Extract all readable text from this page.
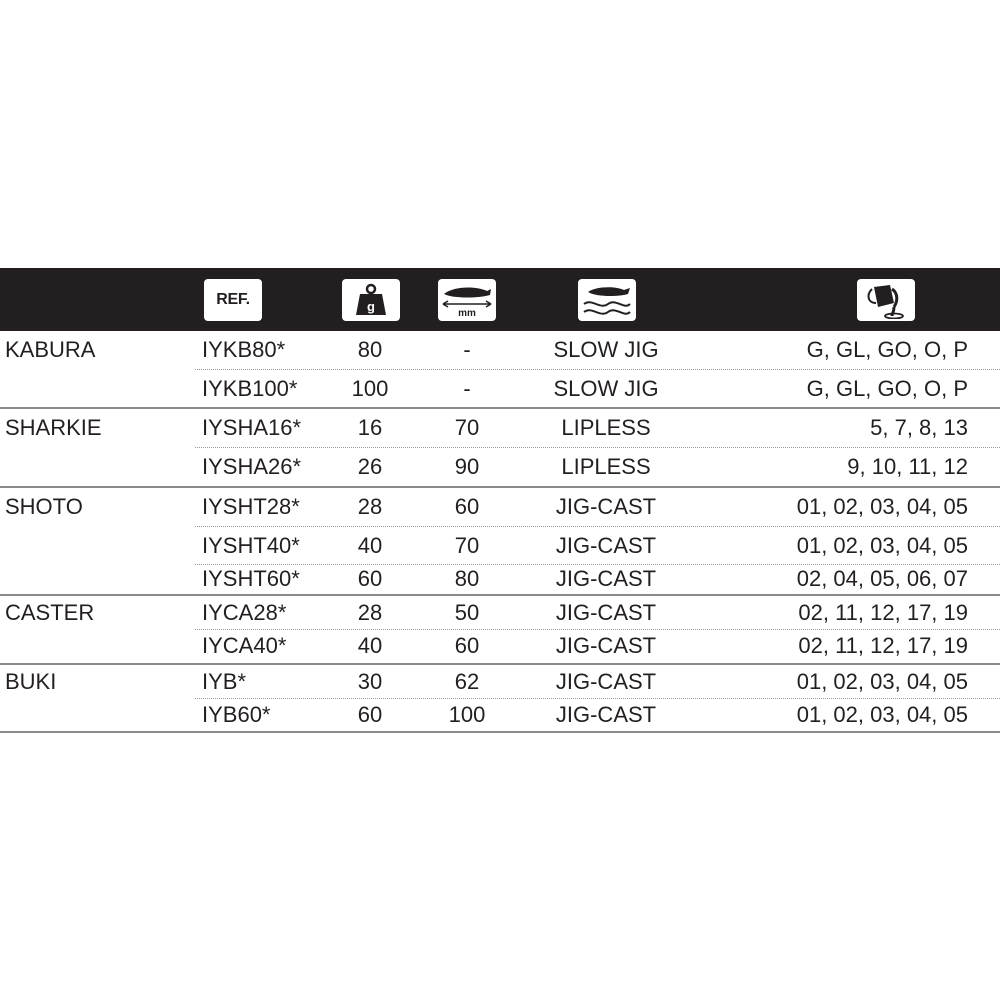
REF.	g	mm
KABURA	IYKB80*	80	-	SLOW JIG	G, GL, GO, O, P
IYKB100* 100	-	SLOW JIG	G, GL, GO, O, P
SHARKIE	IYSHA16*	16	70	LIPLESS	5, 7, 8, 13
IYSHA26*	26	90	LIPLESS	9, 10, 11, 12
SHOTO	IYSHT28*	28	60	JIG-CAST	01, 02, 03, 04, 05
IYSHT40*	40	70	JIG-CAST	01, 02, 03, 04, 05
IYSHT60*	60	80	JIG-CAST	02, 04, 05, 06, 07
CASTER	IYCA28*	28	50	JIG-CAST	02, 11, 12, 17, 19
IYCA40*	40	60	JIG-CAST	02, 11, 12, 17, 19
BUKI	IYB*	30	62	JIG-CAST	01, 02, 03, 04, 05
IYB60*	60	100	JIG-CAST	01, 02, 03, 04, 05
